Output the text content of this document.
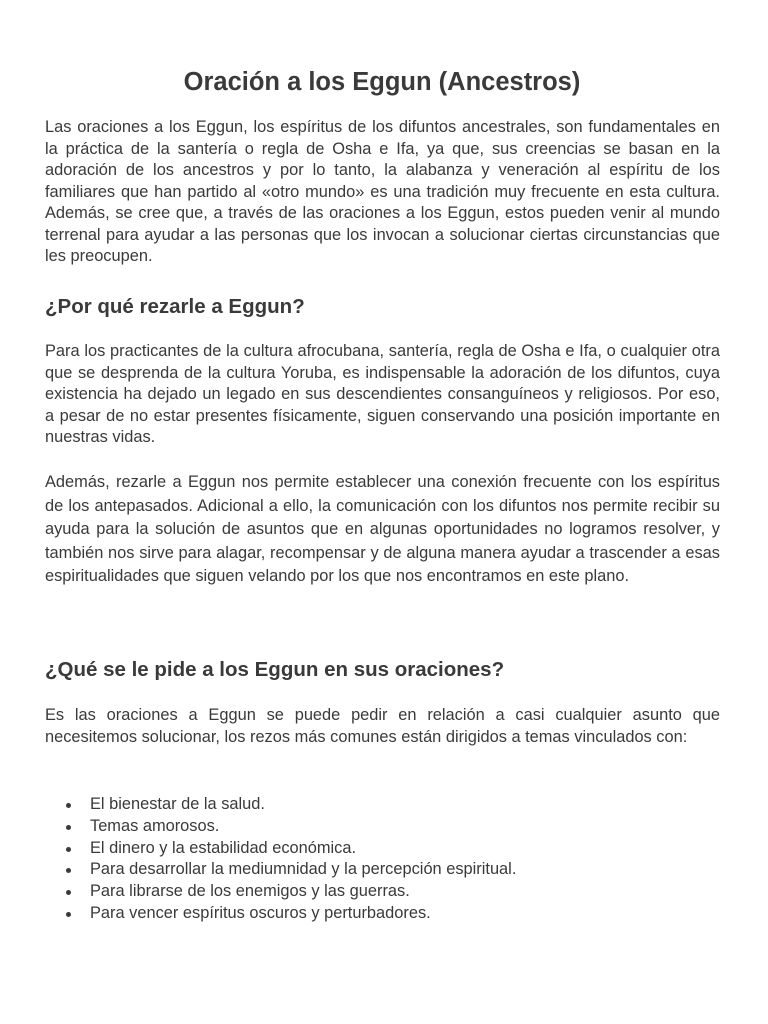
Oración a los Eggun (Ancestros)

Las oraciones a los Eggun, los espíritus de los difuntos ancestrales, son fundamentales en la práctica de la santería o regla de Osha e Ifa, ya que, sus creencias se basan en la adoración de los ancestros y por lo tanto, la alabanza y veneración al espíritu de los familiares que han partido al «otro mundo» es una tradición muy frecuente en esta cultura. Además, se cree que, a través de las oraciones a los Eggun, estos pueden venir al mundo terrenal para ayudar a las personas que los invocan a solucionar ciertas circunstancias que les preocupen.

¿Por qué rezarle a Eggun?

Para los practicantes de la cultura afrocubana, santería, regla de Osha e Ifa, o cualquier otra que se desprenda de la cultura Yoruba, es indispensable la adoración de los difuntos, cuya existencia ha dejado un legado en sus descendientes consanguíneos y religiosos. Por eso, a pesar de no estar presentes físicamente, siguen conservando una posición importante en nuestras vidas.

Además, rezarle a Eggun nos permite establecer una conexión frecuente con los espíritus de los antepasados. Adicional a ello, la comunicación con los difuntos nos permite recibir su ayuda para la solución de asuntos que en algunas oportunidades no logramos resolver, y también nos sirve para alagar, recompensar y de alguna manera ayudar a trascender a esas espiritualidades que siguen velando por los que nos encontramos en este plano.

¿Qué se le pide a los Eggun en sus oraciones?

Es las oraciones a Eggun se puede pedir en relación a casi cualquier asunto que necesitemos solucionar, los rezos más comunes están dirigidos a temas vinculados con:

El bienestar de la salud.
Temas amorosos.
El dinero y la estabilidad económica.
Para desarrollar la mediumnidad y la percepción espiritual.
Para librarse de los enemigos y las guerras.
Para vencer espíritus oscuros y perturbadores.
